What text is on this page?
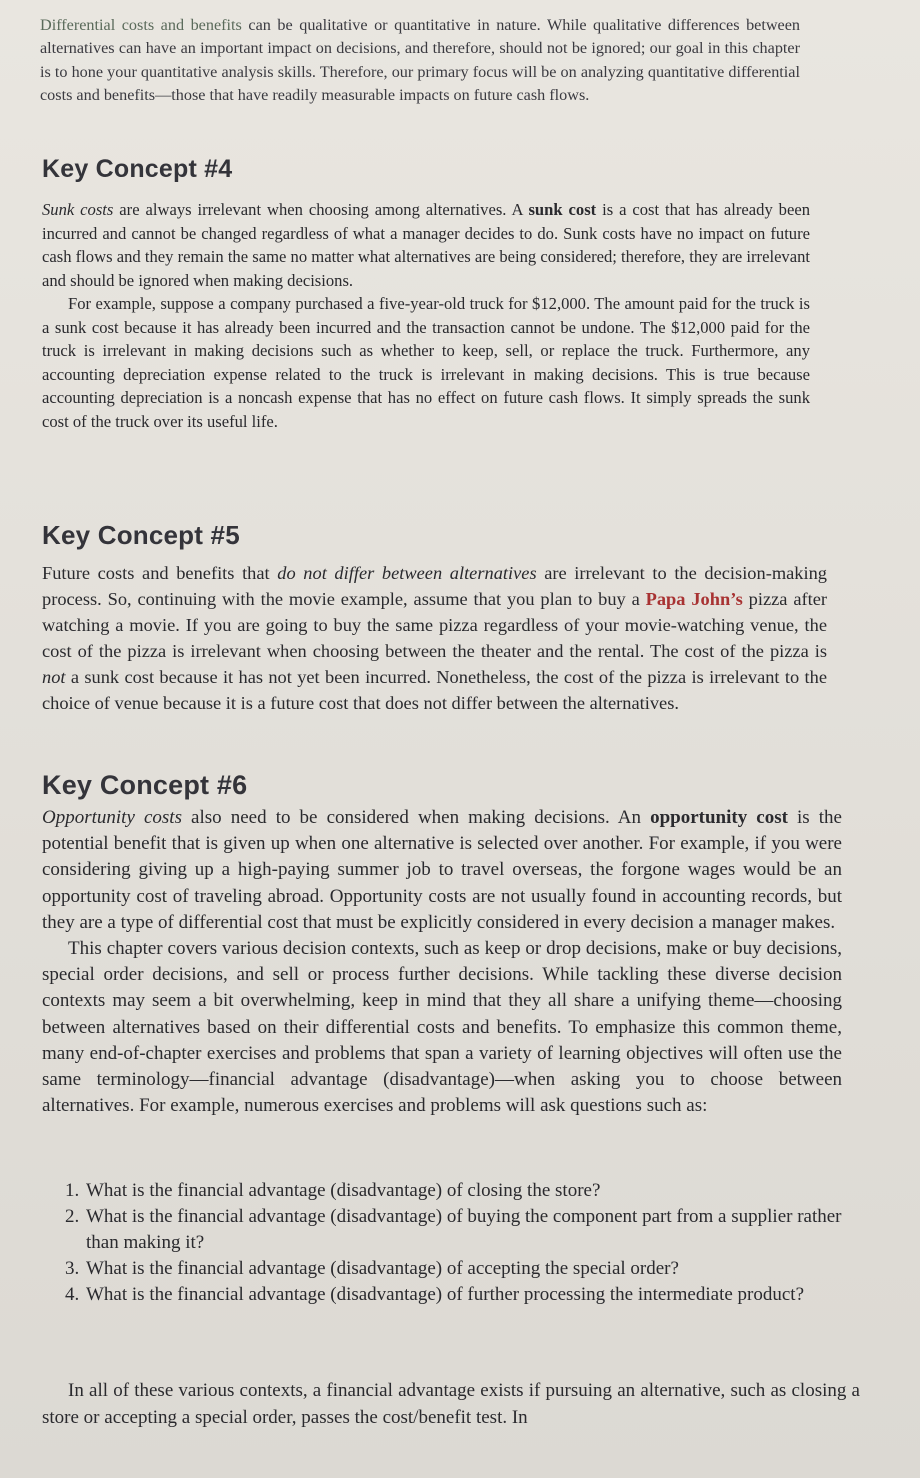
Differential costs and benefits can be qualitative or quantitative in nature. While qualitative differences between alternatives can have an important impact on decisions, and therefore, should not be ignored; our goal in this chapter is to hone your quantitative analysis skills. Therefore, our primary focus will be on analyzing quantitative differential costs and benefits—those that have readily measurable impacts on future cash flows.

Key Concept #4

Sunk costs are always irrelevant when choosing among alternatives. A sunk cost is a cost that has already been incurred and cannot be changed regardless of what a manager decides to do. Sunk costs have no impact on future cash flows and they remain the same no matter what alternatives are being considered; therefore, they are irrelevant and should be ignored when making decisions.

For example, suppose a company purchased a five-year-old truck for $12,000. The amount paid for the truck is a sunk cost because it has already been incurred and the transaction cannot be undone. The $12,000 paid for the truck is irrelevant in making decisions such as whether to keep, sell, or replace the truck. Furthermore, any accounting depreciation expense related to the truck is irrelevant in making decisions. This is true because accounting depreciation is a noncash expense that has no effect on future cash flows. It simply spreads the sunk cost of the truck over its useful life.

Key Concept #5

Future costs and benefits that do not differ between alternatives are irrelevant to the decision-making process. So, continuing with the movie example, assume that you plan to buy a Papa John’s pizza after watching a movie. If you are going to buy the same pizza regardless of your movie-watching venue, the cost of the pizza is irrelevant when choosing between the theater and the rental. The cost of the pizza is not a sunk cost because it has not yet been incurred. Nonetheless, the cost of the pizza is irrelevant to the choice of venue because it is a future cost that does not differ between the alternatives.

Key Concept #6

Opportunity costs also need to be considered when making decisions. An opportunity cost is the potential benefit that is given up when one alternative is selected over another. For example, if you were considering giving up a high-paying summer job to travel overseas, the forgone wages would be an opportunity cost of traveling abroad. Opportunity costs are not usually found in accounting records, but they are a type of differential cost that must be explicitly considered in every decision a manager makes.

This chapter covers various decision contexts, such as keep or drop decisions, make or buy decisions, special order decisions, and sell or process further decisions. While tackling these diverse decision contexts may seem a bit overwhelming, keep in mind that they all share a unifying theme—choosing between alternatives based on their differential costs and benefits. To emphasize this common theme, many end-of-chapter exercises and problems that span a variety of learning objectives will often use the same terminology—financial advantage (disadvantage)—when asking you to choose between alternatives. For example, numerous exercises and problems will ask questions such as:

1. What is the financial advantage (disadvantage) of closing the store?
2. What is the financial advantage (disadvantage) of buying the component part from a supplier rather than making it?
3. What is the financial advantage (disadvantage) of accepting the special order?
4. What is the financial advantage (disadvantage) of further processing the intermediate product?

In all of these various contexts, a financial advantage exists if pursuing an alternative, such as closing a store or accepting a special order, passes the cost/benefit test. In
